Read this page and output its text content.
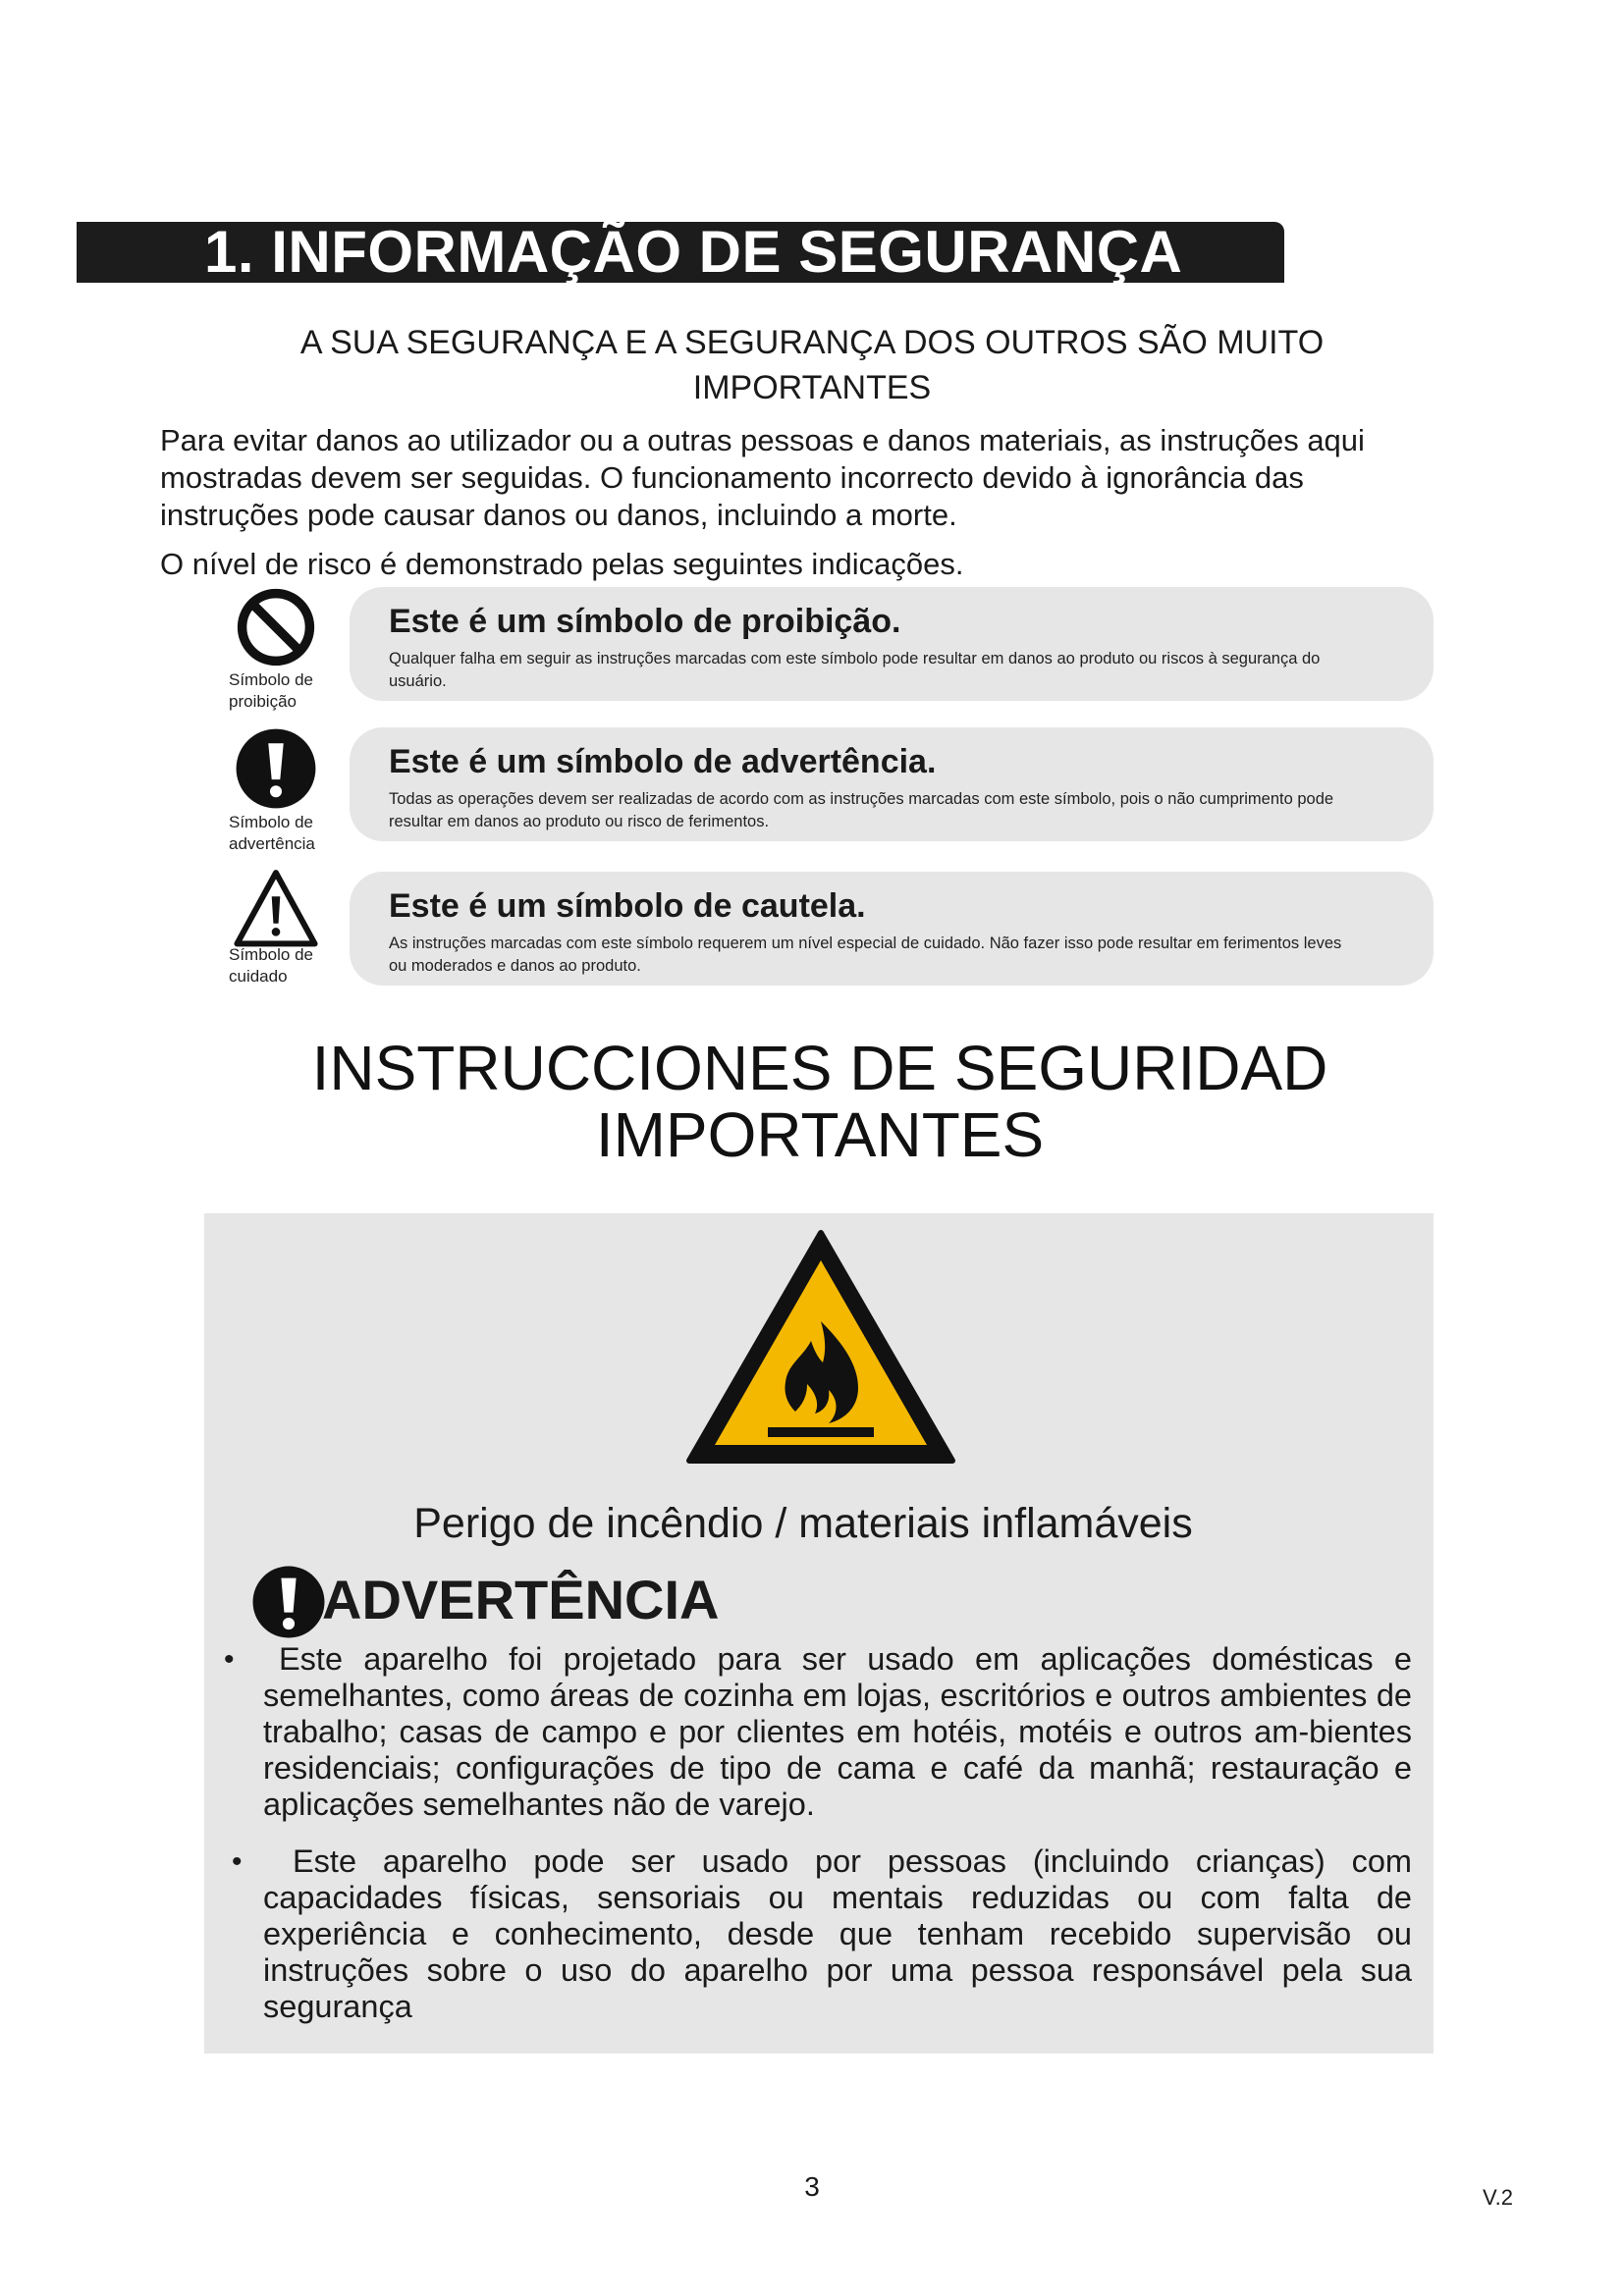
1. INFORMAÇÃO DE SEGURANÇA
A SUA SEGURANÇA E A SEGURANÇA DOS OUTROS SÃO MUITO
IMPORTANTES
Para evitar danos ao utilizador ou a outras pessoas e danos materiais, as instruções aqui mostradas devem ser seguidas. O funcionamento incorrecto devido à ignorância das instruções pode causar danos ou danos, incluindo a morte.
O nível de risco é demonstrado pelas seguintes indicações.
Símbolo de proibição
Este é um símbolo de proibição.
Qualquer falha em seguir as instruções marcadas com este símbolo pode resultar em danos ao produto ou riscos à segurança do usuário.
Símbolo de advertência
Este é um símbolo de advertência.
Todas as operações devem ser realizadas de acordo com as instruções marcadas com este símbolo, pois o não cumprimento pode resultar em danos ao produto ou risco de ferimentos.
Símbolo de cuidado
Este é um símbolo de cautela.
As instruções marcadas com este símbolo requerem um nível especial de cuidado. Não fazer isso pode resultar em ferimentos leves ou moderados e danos ao produto.
INSTRUCCIONES DE SEGURIDAD
IMPORTANTES
Perigo de incêndio / materiais inflamáveis
ADVERTÊNCIA
• Este aparelho foi projetado para ser usado em aplicações domésticas e semelhantes, como áreas de cozinha em lojas, escritórios e outros ambientes de trabalho; casas de campo e por clientes em hotéis, motéis e outros am-bientes residenciais; configurações de tipo de cama e café da manhã; restauração e aplicações semelhantes não de varejo.
• Este aparelho pode ser usado por pessoas (incluindo crianças) com capacidades físicas, sensoriais ou mentais reduzidas ou com falta de experiência e conhecimento, desde que tenham recebido supervisão ou instruções sobre o uso do aparelho por uma pessoa responsável pela sua segurança
3	V.2
